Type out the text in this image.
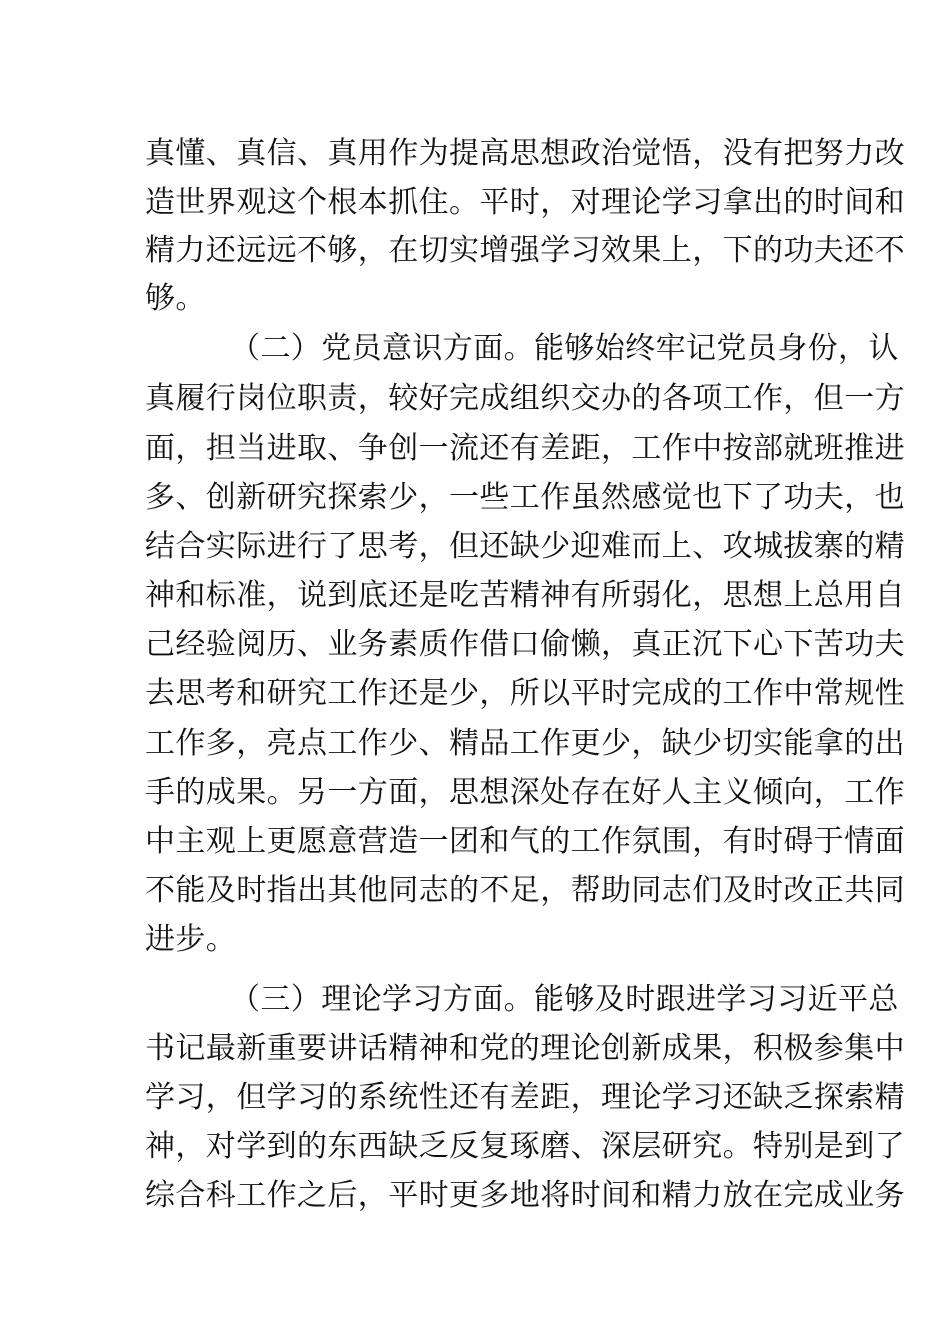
真懂、真信、真用作为提高思想政治觉悟，没有把努力改

造世界观这个根本抓住。平时，对理论学习拿出的时间和

精力还远远不够，在切实增强学习效果上，下的功夫还不

够。

（二）党员意识方面。能够始终牢记党员身份，认

真履行岗位职责，较好完成组织交办的各项工作，但一方

面，担当进取、争创一流还有差距，工作中按部就班推进

多、创新研究探索少，一些工作虽然感觉也下了功夫，也

结合实际进行了思考，但还缺少迎难而上、攻城拔寨的精

神和标准，说到底还是吃苦精神有所弱化，思想上总用自

己经验阅历、业务素质作借口偷懒，真正沉下心下苦功夫

去思考和研究工作还是少，所以平时完成的工作中常规性

工作多，亮点工作少、精品工作更少，缺少切实能拿的出

手的成果。另一方面，思想深处存在好人主义倾向，工作

中主观上更愿意营造一团和气的工作氛围，有时碍于情面

不能及时指出其他同志的不足，帮助同志们及时改正共同

进步。

（三）理论学习方面。能够及时跟进学习习近平总

书记最新重要讲话精神和党的理论创新成果，积极参集中

学习，但学习的系统性还有差距，理论学习还缺乏探索精

神，对学到的东西缺乏反复琢磨、深层研究。特别是到了

综合科工作之后，平时更多地将时间和精力放在完成业务
